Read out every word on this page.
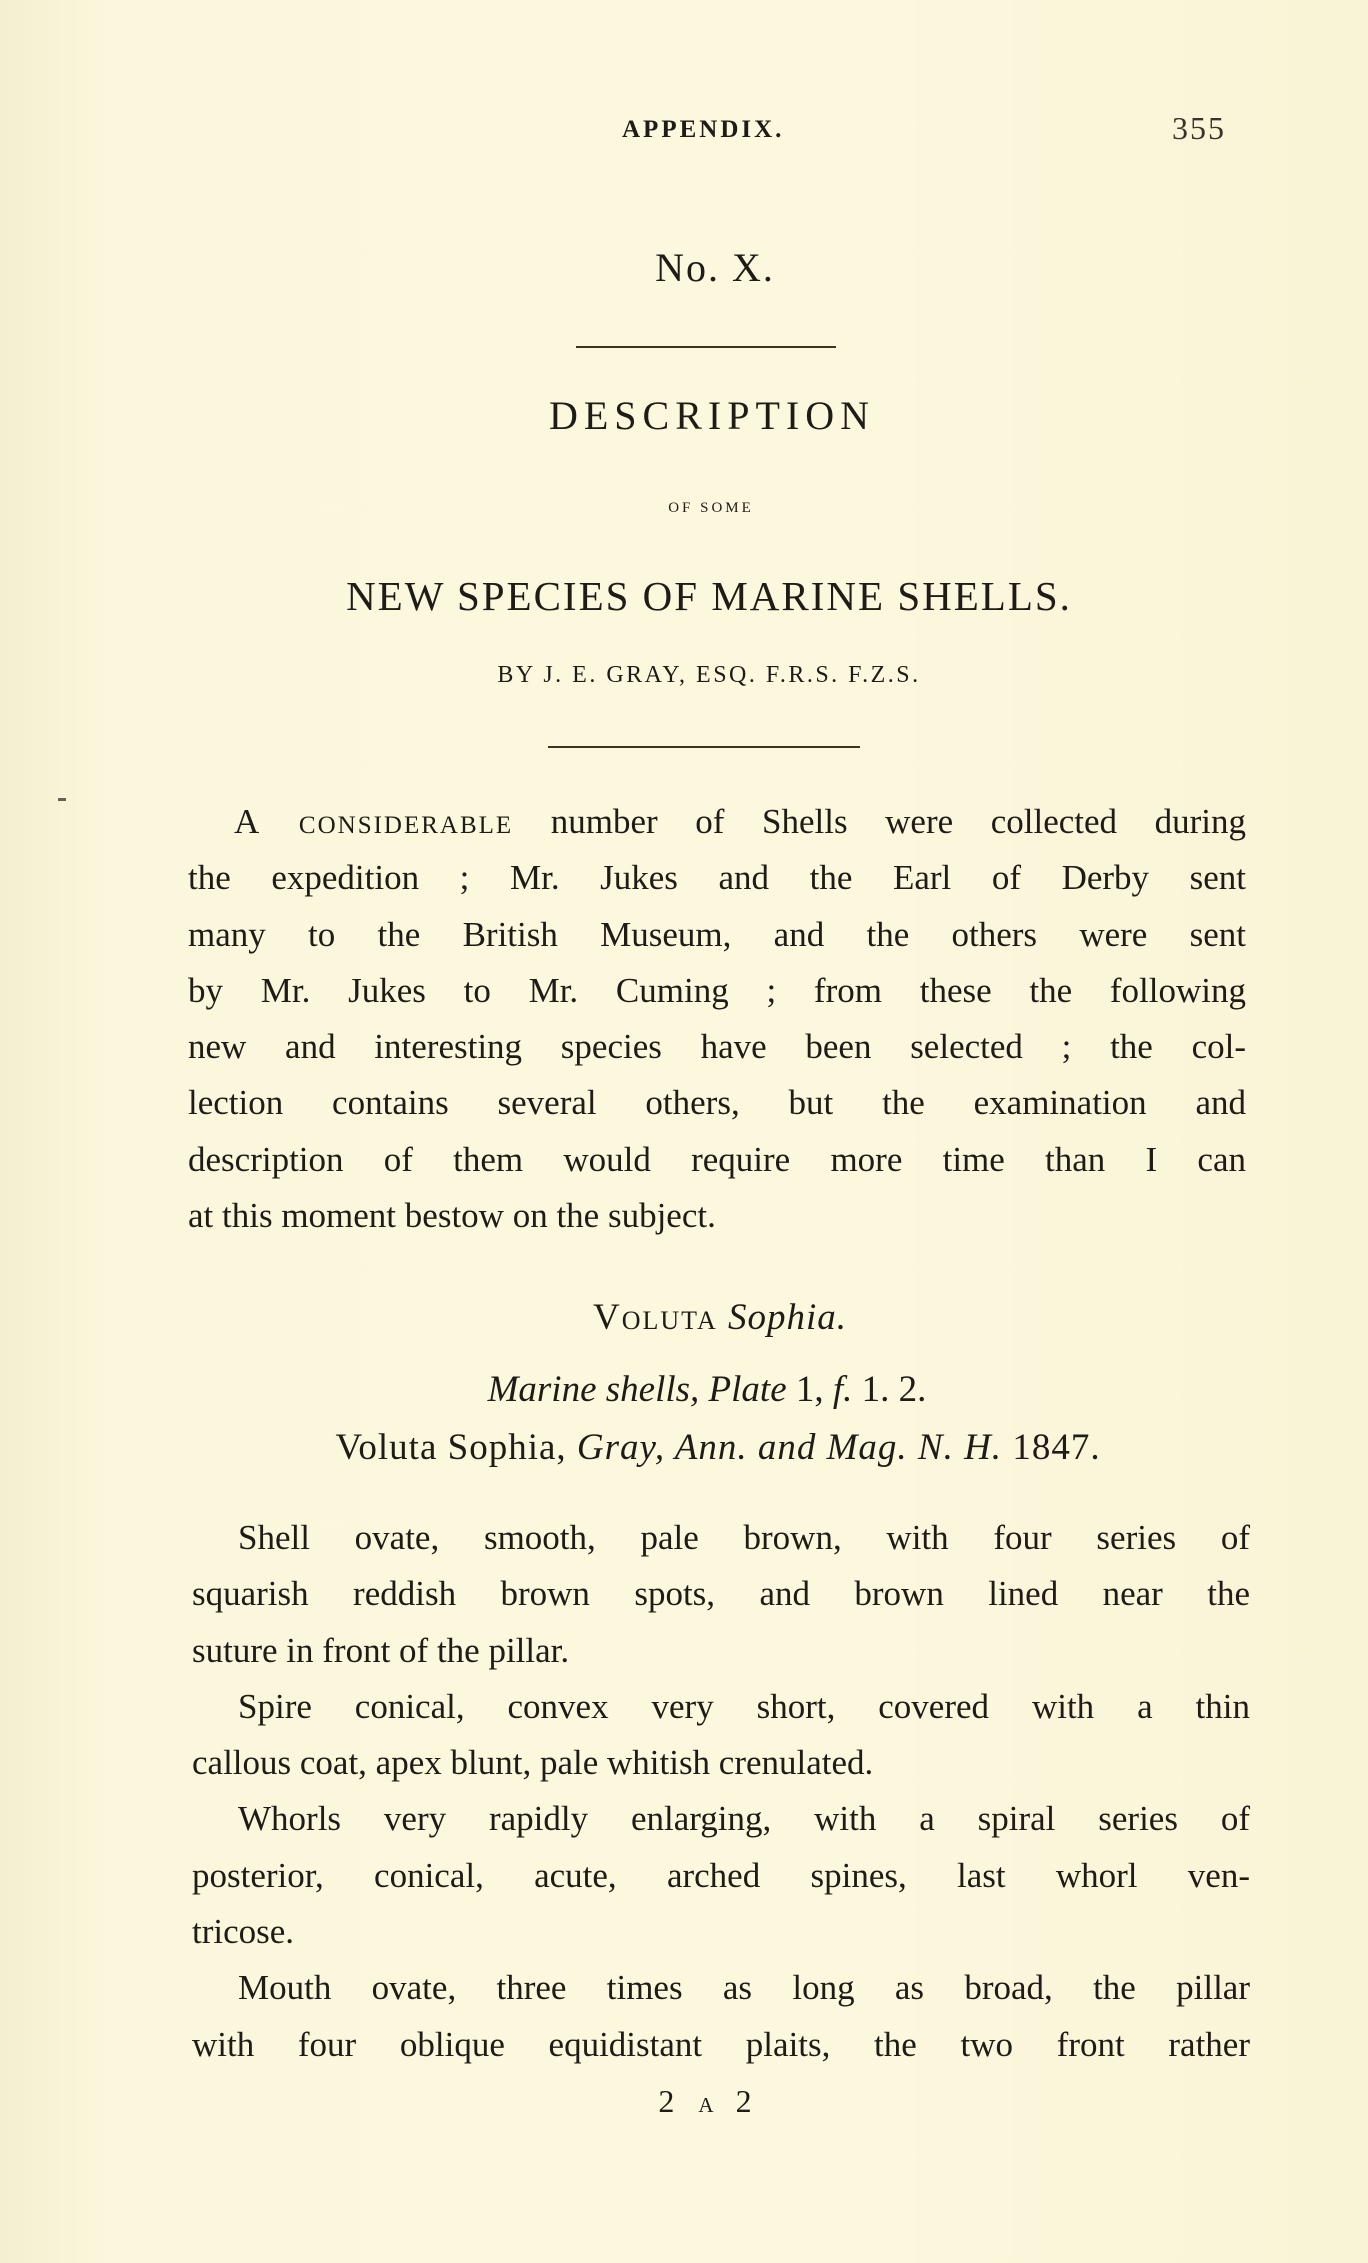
APPENDIX.	355
No. X.
DESCRIPTION
OF SOME
NEW SPECIES OF MARINE SHELLS.
BY J. E. GRAY, ESQ. F.R.S. F.Z.S.
A considerable number of Shells were collected during
the expedition ; Mr. Jukes and the Earl of Derby sent
many to the British Museum, and the others were sent
by Mr. Jukes to Mr. Cuming ; from these the following
new and interesting species have been selected ; the col-
lection contains several others, but the examination and
description of them would require more time than I can
at this moment bestow on the subject.
Voluta Sophia.
Marine shells, Plate 1, f. 1. 2.
Voluta Sophia, Gray, Ann. and Mag. N. H. 1847.
Shell ovate, smooth, pale brown, with four series of
squarish reddish brown spots, and brown lined near the
suture in front of the pillar.
Spire conical, convex very short, covered with a thin
callous coat, apex blunt, pale whitish crenulated.
Whorls very rapidly enlarging, with a spiral series of
posterior, conical, acute, arched spines, last whorl ven-
tricose.
Mouth ovate, three times as long as broad, the pillar
with four oblique equidistant plaits, the two front rather
2 A 2
